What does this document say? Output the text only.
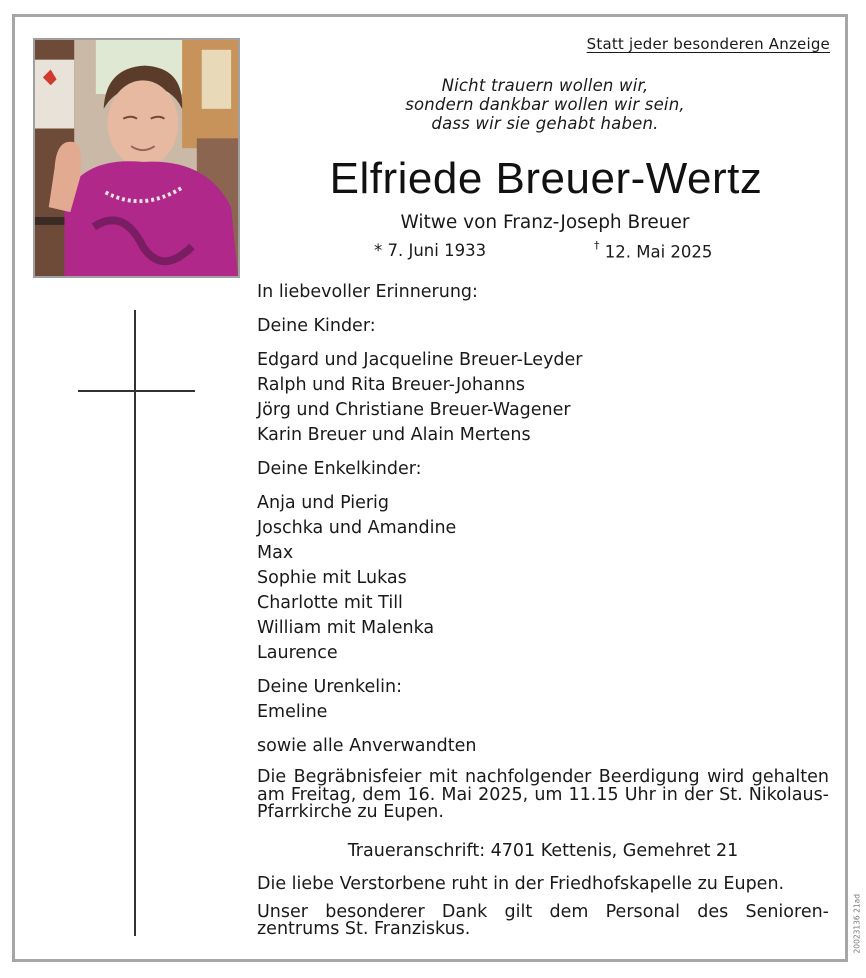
Statt jeder besonderen Anzeige
Nicht trauern wollen wir,
sondern dankbar wollen wir sein,
dass wir sie gehabt haben.
Elfriede Breuer-Wertz
Witwe von Franz-Joseph Breuer
* 7. Juni 1933	† 12. Mai 2025
In liebevoller Erinnerung:
Deine Kinder:
Edgard und Jacqueline Breuer-Leyder
Ralph und Rita Breuer-Johanns
Jörg und Christiane Breuer-Wagener
Karin Breuer und Alain Mertens
Deine Enkelkinder:
Anja und Pierig
Joschka und Amandine
Max
Sophie mit Lukas
Charlotte mit Till
William mit Malenka
Laurence
Deine Urenkelin:
Emeline
sowie alle Anverwandten
Die Begräbnisfeier mit nachfolgender Beerdigung wird gehalten am Freitag, dem 16. Mai 2025, um 11.15 Uhr in der St. Nikolaus-Pfarrkirche zu Eupen.
Traueranschrift: 4701 Kettenis, Gemehret 21
Die liebe Verstorbene ruht in der Friedhofskapelle zu Eupen.
Unser besonderer Dank gilt dem Personal des Senioren-zentrums St. Franziskus.	20023136 21ad
